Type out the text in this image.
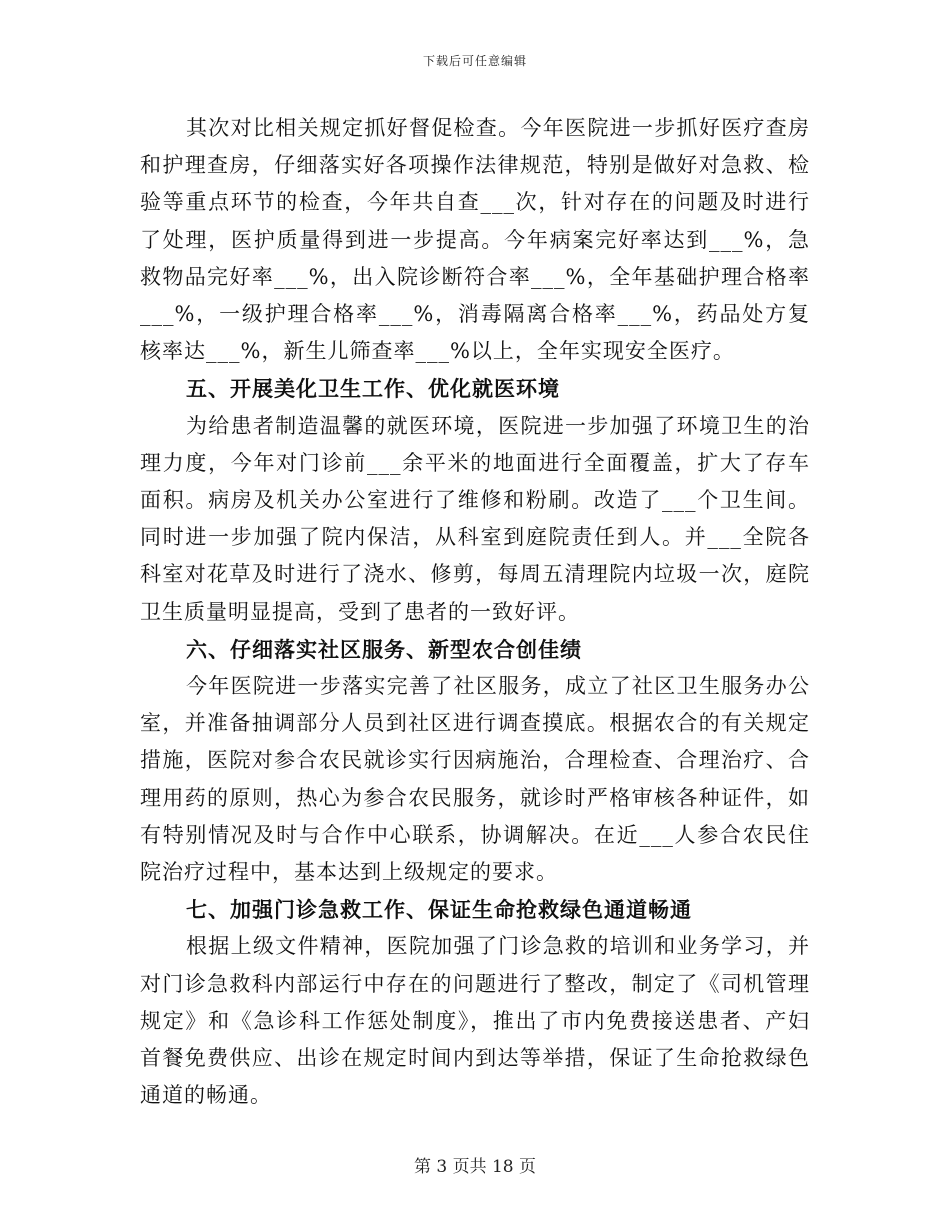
下载后可任意编辑

其次对比相关规定抓好督促检查。今年医院进一步抓好医疗查房和护理查房，仔细落实好各项操作法律规范，特别是做好对急救、检验等重点环节的检查，今年共自查___次，针对存在的问题及时进行了处理，医护质量得到进一步提高。今年病案完好率达到___%，急救物品完好率___%，出入院诊断符合率___%，全年基础护理合格率___%，一级护理合格率___%，消毒隔离合格率___%，药品处方复核率达___%，新生儿筛查率___%以上，全年实现安全医疗。

五、开展美化卫生工作、优化就医环境

为给患者制造温馨的就医环境，医院进一步加强了环境卫生的治理力度，今年对门诊前___余平米的地面进行全面覆盖，扩大了存车面积。病房及机关办公室进行了维修和粉刷。改造了___个卫生间。同时进一步加强了院内保洁，从科室到庭院责任到人。并___全院各科室对花草及时进行了浇水、修剪，每周五清理院内垃圾一次，庭院卫生质量明显提高，受到了患者的一致好评。

六、仔细落实社区服务、新型农合创佳绩

今年医院进一步落实完善了社区服务，成立了社区卫生服务办公室，并准备抽调部分人员到社区进行调查摸底。根据农合的有关规定措施，医院对参合农民就诊实行因病施治，合理检查、合理治疗、合理用药的原则，热心为参合农民服务，就诊时严格审核各种证件，如有特别情况及时与合作中心联系，协调解决。在近___人参合农民住院治疗过程中，基本达到上级规定的要求。

七、加强门诊急救工作、保证生命抢救绿色通道畅通

根据上级文件精神，医院加强了门诊急救的培训和业务学习，并对门诊急救科内部运行中存在的问题进行了整改，制定了《司机管理规定》和《急诊科工作惩处制度》，推出了市内免费接送患者、产妇首餐免费供应、出诊在规定时间内到达等举措，保证了生命抢救绿色通道的畅通。

第 3 页共 18 页
